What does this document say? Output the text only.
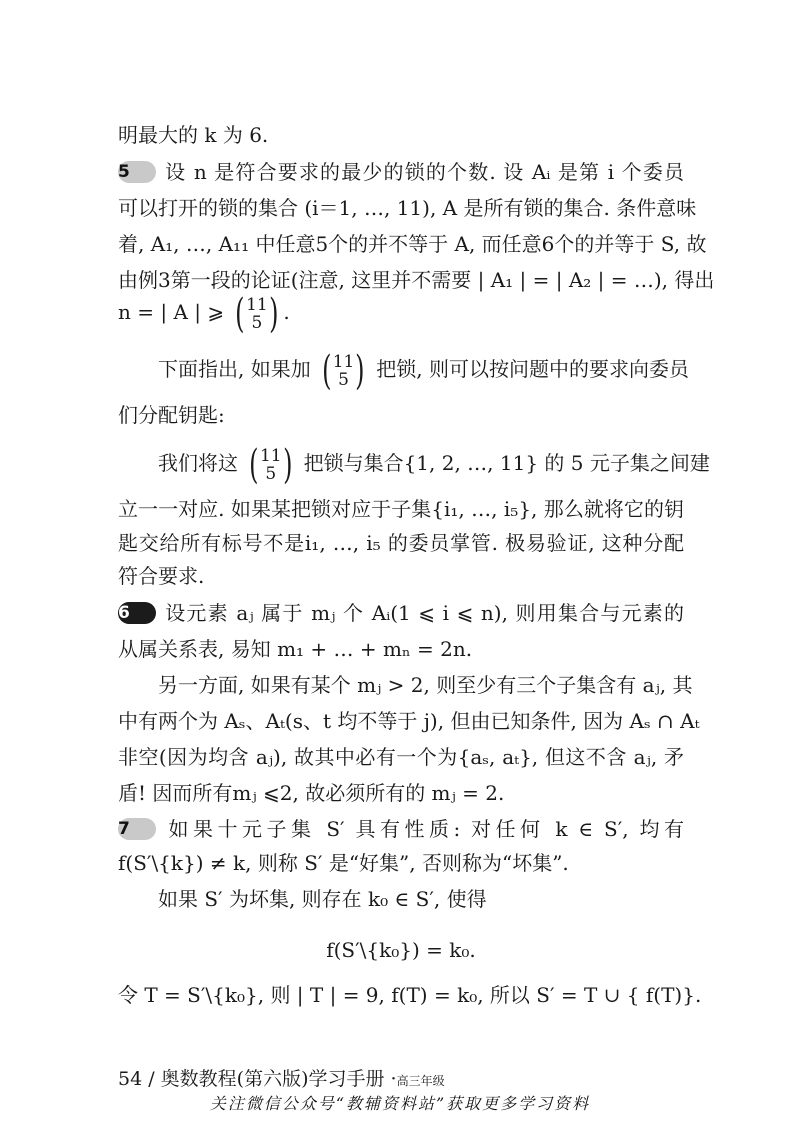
明最大的 k 为 6.
5 设 n 是符合要求的最少的锁的个数. 设 Aᵢ 是第 i 个委员
可以打开的锁的集合 (i＝1, …, 11), A 是所有锁的集合. 条件意味
着, A₁, …, A₁₁ 中任意5个的并不等于 A, 而任意6个的并等于 S, 故
由例3第一段的论证(注意, 这里并不需要 | A₁ | = | A₂ | = …), 得出
n = | A | ⩾ ( 11
5 ) .
下面指出, 如果加 ( 11
5 ) 把锁, 则可以按问题中的要求向委员
们分配钥匙:
我们将这 ( 11
5 ) 把锁与集合{1, 2, …, 11} 的 5 元子集之间建
立一一对应. 如果某把锁对应于子集{i₁, …, i₅}, 那么就将它的钥
匙交给所有标号不是i₁, …, i₅ 的委员掌管. 极易验证, 这种分配
符合要求.
6 设元素 aⱼ 属于 mⱼ 个 Aᵢ(1 ⩽ i ⩽ n), 则用集合与元素的
从属关系表, 易知 m₁ + … + mₙ = 2n.
另一方面, 如果有某个 mⱼ > 2, 则至少有三个子集含有 aⱼ, 其
中有两个为 Aₛ、Aₜ(s、t 均不等于 j), 但由已知条件, 因为 Aₛ ∩ Aₜ
非空(因为均含 aⱼ), 故其中必有一个为{aₛ, aₜ}, 但这不含 aⱼ, 矛
盾! 因而所有mⱼ ⩽2, 故必须所有的 mⱼ = 2.
7 如果十元子集 S′ 具有性质: 对任何 k ∈ S′, 均有
f(S′\{k}) ≠ k, 则称 S′ 是“好集”, 否则称为“坏集”.
如果 S′ 为坏集, 则存在 k₀ ∈ S′, 使得
f(S′\{k₀}) = k₀.
令 T = S′\{k₀}, 则 | T | = 9, f(T) = k₀, 所以 S′ = T ∪ { f(T)}.
54 / 奥数教程(第六版)学习手册 ·高三年级
关注微信公众号“教辅资料站”获取更多学习资料
